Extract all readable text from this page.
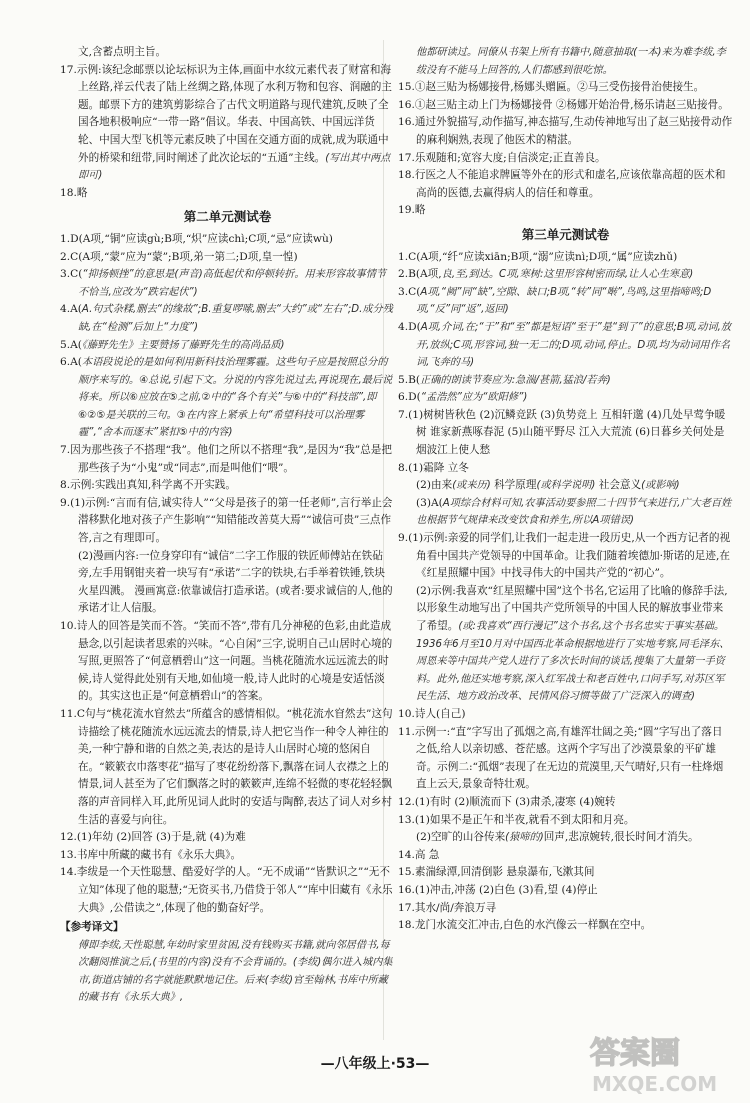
文,含蓄点明主旨。
17.示例:该纪念邮票以论坛标识为主体,画面中水纹元素代表了财富和海上丝路,祥云代表了陆上丝绸之路,体现了水利万物和包容、润融的主题。邮票下方的建筑剪影综合了古代文明道路与现代建筑,反映了全国各地积极响应“一带一路”倡议。华表、中国高铁、中国远洋货轮、中国大型飞机等元素反映了中国在交通方面的成就,成为联通中外的桥梁和纽带,同时阐述了此次论坛的“五通”主线。(写出其中两点即可)
18.略
第二单元测试卷
1.D(A项,“铜”应读gù;B项,“炽”应读chì;C项,“忌”应读wù)
2.C(A项,“蒙”应为“蒙”;B项,弟一第二;D项,皇一惶)
3.C(“抑扬顿挫”的意思是(声音)高低起伏和停顿转折。用来形容故事情节不恰当,应改为“跌宕起伏”)
4.A(A.句式杂糅,删去“的缘故”;B.重复啰嗦,删去“大约”或“左右”;D.成分残缺,在“检测”后加上“力度”)
5.A(《藤野先生》主要赞扬了藤野先生的高尚品质)
6.A(本语段说论的是如何利用新科技治理雾霾。这些句子应是按照总分的顺序来写的。④总说,引起下文。分说的内容先说过去,再说现在,最后说将来。所以⑥应放在⑤之前,②中的“各个有关”与⑥中的“科技部”,即⑥②⑤是关联的三句。③在内容上紧承上句“希望科技可以治理雾霾”,“舍本而逐末”紧扣⑤中的内容)
7.因为那些孩子不搭理“我”。他们之所以不搭理“我”,是因为“我”总是把那些孩子为“小鬼”或“同志”,而是叫他们“喂”。
8.示例:实践出真知,科学离不开实践。
9.(1)示例:“言而有信,诚实待人”“父母是孩子的第一任老师”,言行举止会潜移默化地对孩子产生影响”“知错能改善莫大焉”“诚信可贵”三点作答,言之有理即可。
(2)漫画内容:一位身穿印有“诚信”二字工作服的铁匠师傅站在铁砧旁,左手用钢钳夹着一块写有“承诺”二字的铁块,右手举着铁锤,铁块火星四溅。 漫画寓意:依靠诚信打造承诺。(或者:要求诚信的人,他的承诺才让人信服。
10.诗人的回答是笑而不答。“笑而不答”,带有几分神秘的色彩,由此造成悬念,以引起读者思索的兴味。“心自闲”三字,说明自己山居时心境的写照,更照答了“何意栖碧山”这一问题。当桃花随流水远远流去的时候,诗人觉得此处别有天地,如仙境一般,诗人此时的心境是安适恬淡的。其实这也正是“何意栖碧山”的答案。
11.C句与“桃花流水窅然去”所蕴含的感情相似。“桃花流水窅然去”这句诗描绘了桃花随流水远远流去的情景,诗人把它当作一种令人神往的美,一种宁静和谐的自然之美,表达的是诗人山居时心境的悠闲自在。“簌簌衣巾落枣花”描写了枣花纷纷落下,飘落在词人衣襟之上的情景,词人甚至为了它们飘落之时的簌簌声,连绵不轻微的枣花轻轻飘落的声音同样入耳,此所见词人此时的安适与陶醉,表达了词人对乡村生活的喜爱与向往。
12.(1)年幼 (2)回答 (3)于是,就 (4)为难
13.书库中所藏的藏书有《永乐大典》。
14.李绂是一个天性聪慧、酷爱好学的人。“无不成诵”“皆默识之”“无不立知”体现了他的聪慧;“无资买书,乃借贷于邻人”“库中旧藏有《永乐大典》,公借读之”,体现了他的勤奋好学。
【参考译文】
傅即李绂,天性聪慧,年幼时家里贫困,没有钱购买书籍,就向邻居借书,每次翻阅推演之后,(书里的内容)没有不会背诵的。(李绂)偶尔进入城内集市,街道店铺的名字就能默默地记住。后来(李绂)官至翰林,书库中所藏的藏书有《永乐大典》,
他都研读过。同僚从书架上所有书籍中,随意抽取(一本)来为难李绂,李绂没有不能马上回答的,人们都感到很吃惊。
15.①赵三贴为杨娜接骨,杨娜头赠匾。②马三受伤接骨治使接生。
16.①赵三贴主动上门为杨娜接骨 ②杨娜开始治骨,杨乐请赵三贴接骨。
16.通过外貌描写,动作描写,神态描写,生动传神地写出了赵三贴接骨动作的麻利娴熟,表现了他医术的精湛。
17.乐观随和;宽容大度;自信淡定;正直善良。
18.行医之人不能追求牌匾等外在的形式和虚名,应该依靠高超的医术和高尚的医德,去赢得病人的信任和尊重。
19.略
第三单元测试卷
1.C(A项,“纤”应读xiān;B项,“溺”应读nì;D项,“属”应读zhǔ)
2.B(A项,良,至,到达。C项,寒树:这里形容树密而绿,让人心生寒意)
3.C(A项,“阙”同“缺”,空隙、缺口;B项,“转”同“啭”,鸟鸣,这里指啼鸣;D项,“反”同“返”,返回)
4.D(A项,介词,在;“于”和“至”都是短语“至于”是“到了”的意思;B项,动词,放开,放纵;C项,形容词,独一无二的;D项,动词,停止。D项,均为动词用作名词,飞奔的马)
5.B(正确的朗读节奏应为:急湍/甚箭,猛浪/若奔)
6.D(“孟浩然”应为“欧阳修”)
7.(1)树树皆秋色 (2)沉鳞竞跃 (3)负势竞上 互相轩邈 (4)几处早莺争暖树 谁家新燕啄春泥 (5)山随平野尽 江入大荒流 (6)日暮乡关何处是 烟波江上使人愁
8.(1)霜降 立冬
(2)由来(或来历) 科学原理(或科学说明) 社会意义(或影响)
(3)A(A项综合材料可知,农事活动要参照二十四节气来进行,广大老百姓也根据节气规律来改变饮食和养生,所以A项错误)
9.(1)示例:亲爱的同学们,让我们一起走进一段历史,从一个西方记者的视角看中国共产党领导的中国革命。让我们随着埃德加·斯诺的足迹,在《红星照耀中国》中找寻伟大的中国共产党的“初心”。
(2)示例:我喜欢“红星照耀中国”这个书名,它运用了比喻的修辞手法,以形象生动地写出了中国共产党所领导的中国人民的解放事业带来了希望。(或:我喜欢“西行漫记”这个书名,这个书名忠实于事实基础。1936年6月至10月对中国西北革命根据地进行了实地考察,同毛泽东、周恩来等中国共产党人进行了多次长时间的谈话,搜集了大量第一手资料。此外,他还实地考察,深入红军战士和老百姓中,口问手写,对苏区军民生活、地方政治改革、民情风俗习惯等做了广泛深入的调查)
10.诗人(自己)
11.示例一:“直”字写出了孤烟之高,有雄浑壮阔之美;“圆”字写出了落日之低,给人以亲切感、苍茫感。这两个字写出了沙漠景象的平矿雄奇。示例二:“孤烟”表现了在无边的荒漠里,天气晴好,只有一柱烽烟直上云天,景象奇特壮观。
12.(1)有时 (2)顺流而下 (3)肃杀,凄寒 (4)婉转
13.(1)如果不是正午和半夜,就看不到太阳和月亮。
(2)空旷的山谷传来(猿啼的)回声,悲凉婉转,很长时间才消失。
14.高 急
15.素湍绿潭,回清倒影 悬泉瀑布,飞漱其间
16.(1)冲击,冲荡 (2)白色 (3)看,望 (4)停止
17.其水/尚/奔浪万寻
18.龙门水流交汇冲击,白色的水汽像云一样飘在空中。
—八年级上·53—	答案圈
MXQE.COM
